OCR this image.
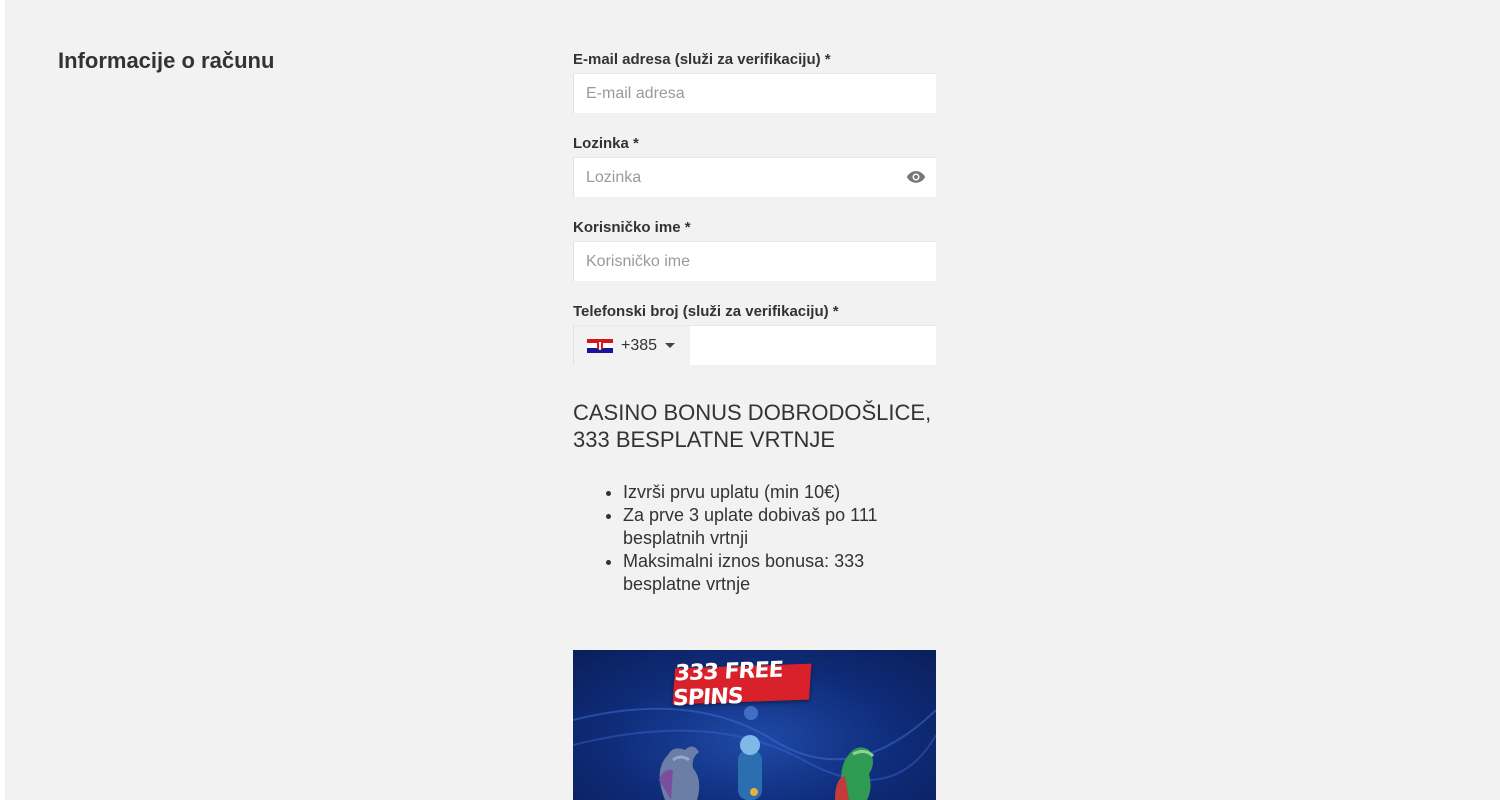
Informacije o računu	E-mail adresa (služi za verifikaciju) *
E-mail adresa
Lozinka *
Korisničko ime *
Korisničko ime
Telefonski broj (služi za verifikaciju) *
+385
CASINO BONUS DOBRODOŠLICE,
333 BESPLATNE VRTNJE
• Izvrši prvu uplatu (min 10€)
• Za prve 3 uplate dobivaš po 111 besplatnih vrtnji
• Maksimalni iznos bonusa: 333 besplatne vrtnje
333 FREE SPINS
